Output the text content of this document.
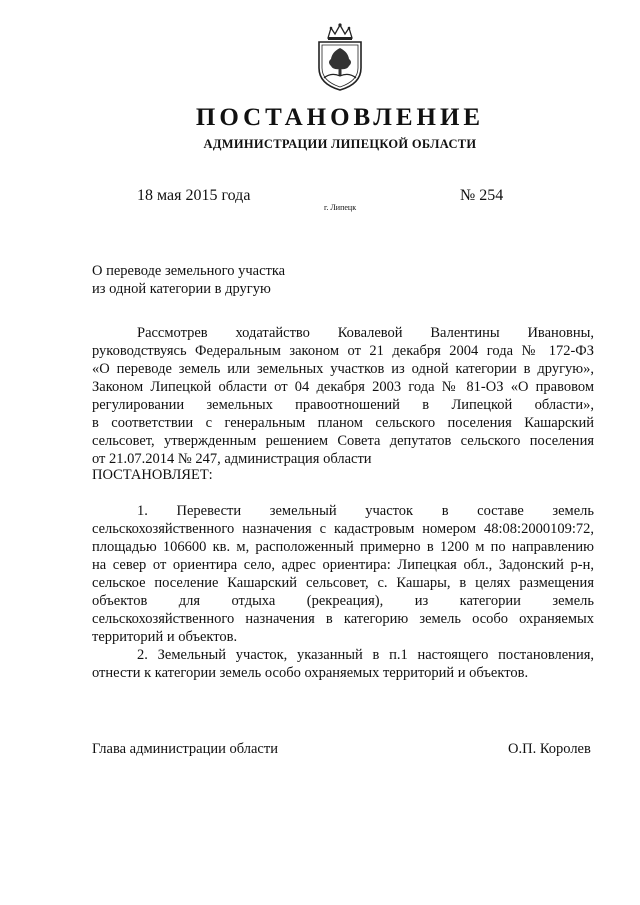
ПОСТАНОВЛЕНИЕ
АДМИНИСТРАЦИИ ЛИПЕЦКОЙ ОБЛАСТИ
18 мая 2015 года
г. Липецк
№ 254
О переводе земельного участка
из одной категории в другую
Рассмотрев ходатайство Ковалевой Валентины Ивановны,
руководствуясь Федеральным законом от 21 декабря 2004 года № 172-ФЗ
«О переводе земель или земельных участков из одной категории в другую»,
Законом Липецкой области от 04 декабря 2003 года № 81-ОЗ «О правовом
регулировании земельных правоотношений в Липецкой области»,
в соответствии с генеральным планом сельского поселения Кашарский
сельсовет, утвержденным решением Совета депутатов сельского поселения
от 21.07.2014 № 247, администрация области
ПОСТАНОВЛЯЕТ:
1. Перевести земельный участок в составе земель
сельскохозяйственного назначения с кадастровым номером 48:08:2000109:72,
площадью 106600 кв. м, расположенный примерно в 1200 м по направлению
на север от ориентира село, адрес ориентира: Липецкая обл., Задонский р-н,
сельское поселение Кашарский сельсовет, с. Кашары, в целях размещения
объектов для отдыха (рекреация), из категории земель
сельскохозяйственного назначения в категорию земель особо охраняемых
территорий и объектов.
2. Земельный участок, указанный в п.1 настоящего постановления,
отнести к категории земель особо охраняемых территорий и объектов.
Глава администрации области	О.П. Королев
